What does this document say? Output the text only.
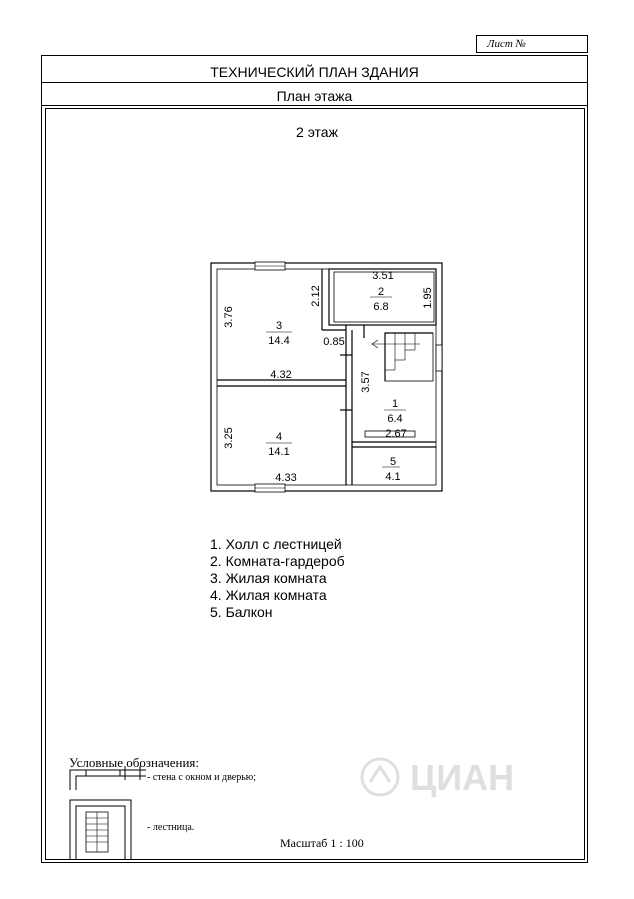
Лист №
ТЕХНИЧЕСКИЙ ПЛАН ЗДАНИЯ
План этажа
2 этаж
3
14.4
2
6.8
1
6.4
4
14.1
5
4.1
3.51
2.12	1.95
3.76
0.85
3.57
4.32
3.25	2.67
4.33
1. Холл с лестницей
2. Комната-гардероб
3. Жилая комната
4. Жилая комната
5. Балкон
Условные обозначения:
- стена с окном и дверью;
- лестница.
Масштаб 1 : 100
ЦИАН
